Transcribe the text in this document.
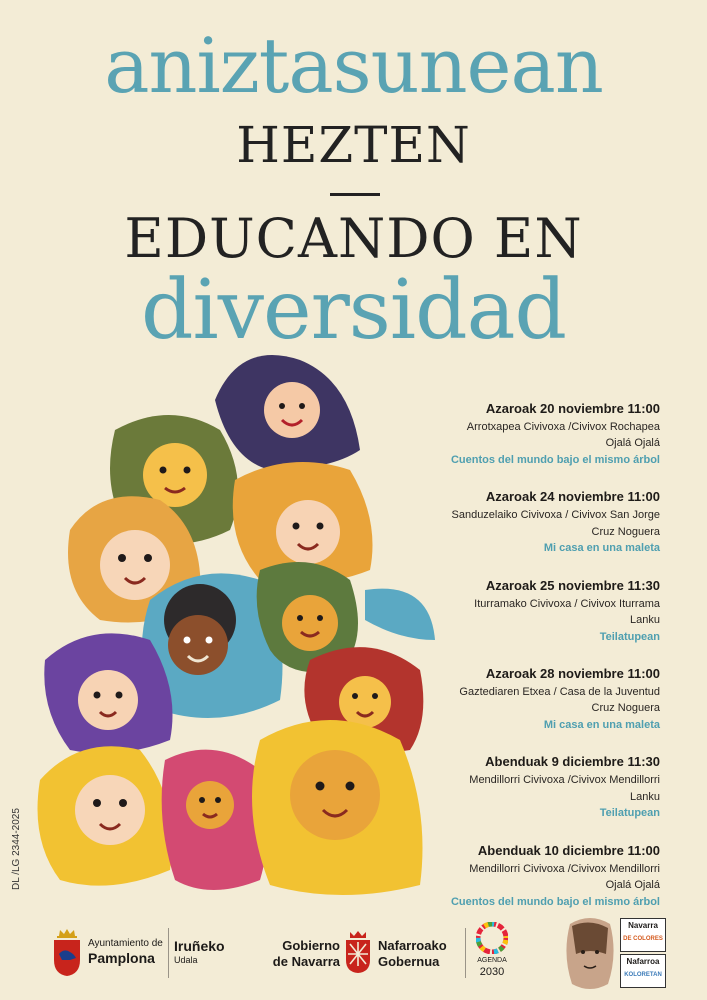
aniztasunean
HEZTEN
EDUCANDO EN
diversidad
Azaroak 20 noviembre 11:00
Arrotxapea Civivoxa /Civivox Rochapea
Ojalá Ojalá
Cuentos del mundo bajo el mismo árbol
Azaroak 24 noviembre 11:00
Sanduzelaiko Civivoxa / Civivox San Jorge
Cruz Noguera
Mi casa en una maleta
Azaroak 25 noviembre 11:30
Iturramako Civivoxa / Civivox Iturrama
Lanku
Teilatupean
Azaroak 28 noviembre 11:00
Gaztediaren Etxea / Casa de la Juventud
Cruz Noguera
Mi casa en una maleta
Abenduak 9 diciembre 11:30
Mendillorri Civivoxa /Civivox Mendillorri
Lanku
Teilatupean
Abenduak 10 diciembre 11:00
Mendillorri Civivoxa /Civivox Mendillorri
Ojalá Ojalá
Cuentos del mundo bajo el mismo árbol
DL /LG 2344-2025
Ayuntamiento de
Pamplona
Iruñeko
Udala
Gobierno
de Navarra
Nafarroako
Gobernua	AGENDA
2030
Navarra
DE COLORES
Nafarroa
KOLORETAN
